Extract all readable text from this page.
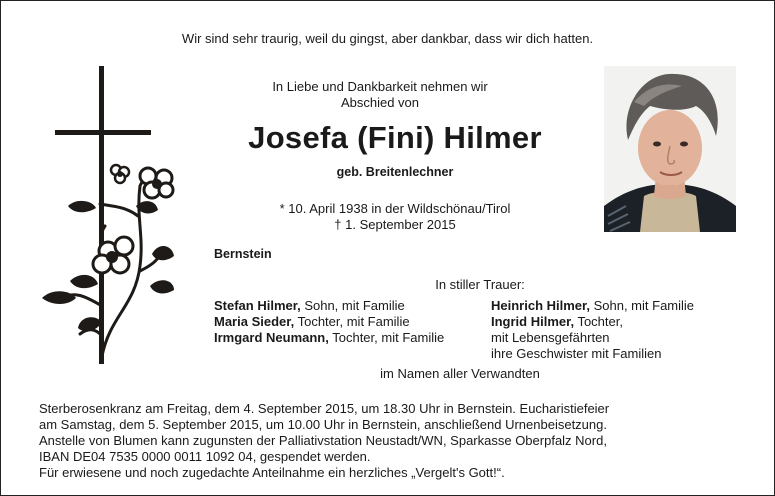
Wir sind sehr traurig, weil du gingst, aber dankbar, dass wir dich hatten.
In Liebe und Dankbarkeit nehmen wir
Abschied von
Josefa (Fini) Hilmer
geb. Breitenlechner
* 10. April 1938 in der Wildschönau/Tirol
† 1. September 2015
Bernstein
In stiller Trauer:
Stefan Hilmer, Sohn, mit Familie
Maria Sieder, Tochter, mit Familie
Irmgard Neumann, Tochter, mit Familie
Heinrich Hilmer, Sohn, mit Familie
Ingrid Hilmer, Tochter,
mit Lebensgefährten
ihre Geschwister mit Familien
im Namen aller Verwandten
Sterberosenkranz am Freitag, dem 4. September 2015, um 18.30 Uhr in Bernstein. Eucharistiefeier
am Samstag, dem 5. September 2015, um 10.00 Uhr in Bernstein, anschließend Urnenbeisetzung.
Anstelle von Blumen kann zugunsten der Palliativstation Neustadt/WN, Sparkasse Oberpfalz Nord,
IBAN DE04 7535 0000 0011 1092 04, gespendet werden.
Für erwiesene und noch zugedachte Anteilnahme ein herzliches „Vergelt's Gott!“.
